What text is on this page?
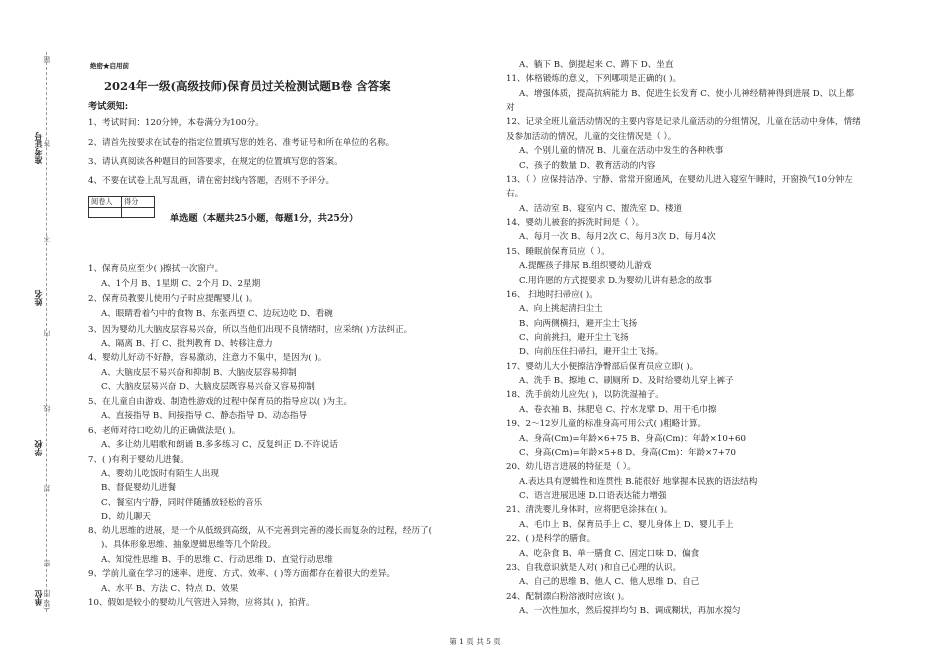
准考证号
姓名
学校
单位
题
答
不
内
线
封
密
图
(装
绝密★启用前
2024年一级(高级技师)保育员过关检测试题B卷 含答案
考试须知:
1、考试时间：120分钟，本卷满分为100分。
2、请首先按要求在试卷的指定位置填写您的姓名、准考证号和所在单位的名称。
3、请认真阅读各种题目的回答要求，在规定的位置填写您的答案。
4、不要在试卷上乱写乱画，请在密封线内答题，否则不予评分。
阅卷人	得分

单选题（本题共25小题，每题1分，共25分）
1、保育员应至少( )擦拭一次窗户。
A、1个月 B、1星期 C、2个月 D、2星期
2、保育员教要儿使用勺子时应提醒婴儿( )。
A、眼睛看着勺中的食物 B、东张西望 C、边玩边吃 D、看碗
3、因为婴幼儿大脑皮层容易兴奋，所以当他们出现不良情绪时，应采纳( )方法纠正。
A、隔离 B、打 C、批判教育 D、转移注意力
4、婴幼儿好动不好静，容易激动，注意力不集中，是因为( )。
A、大脑皮层不易兴奋和抑制 B、大脑皮层容易抑制
C、大脑皮层易兴奋 D、大脑皮层既容易兴奋又容易抑制
5、在儿童自由游戏、制造性游戏的过程中保育员的指导应以( )为主。
A、直接指导 B、间接指导 C、静态指导 D、动态指导
6、老师对待口吃幼儿的正确做法是( )。
A、多让幼儿唱歌和朗诵 B.多多练习 C、反复纠正 D.不许说话
7、( )有利于婴幼儿进餐。
A、婴幼儿吃饭时有陌生人出现
B、督促婴幼儿进餐
C、餐室内宁静，同时伴随播放轻松的音乐
D、幼儿聊天
8、幼儿思维的进展，是一个从低级到高级，从不完善到完善的漫长而复杂的过程，经历了(
)、具体形象思维、抽象逻辑思维等几个阶段。
A、知觉性思维 B、手的思维 C、行动思维 D、直觉行动思维
9、学前儿童在学习的速率、进度、方式、效率、( )等方面都存在着很大的差异。
A、水平 B、方法 C、特点 D、效果
10、假如是较小的婴幼儿气管进入异物，应将其( )，拍背。
A、躺下 B、倒提起来 C、蹲下 D、坐直
11、体格锻炼的意义，下列哪项是正确的( )。
A、增强体质，提高抗病能力 B、促进生长发育 C、使小儿神经精神得到进展 D、以上都
对
12、记录全班儿童活动情况的主要内容是记录儿童活动的分组情况，儿童在活动中身体，情绪
及参加活动的情况，儿童的交往情况是（ ）。
A、个别儿童的情况 B、儿童在活动中发生的各种秩事
C、孩子的数量 D、教育活动的内容
13、（ ）应保持洁净、宁静、常常开窗通风，在婴幼儿进入寝室午睡时，开窗换气10分钟左
右。
A、活动室 B、寝室内 C、盥洗室 D、楼道
14、婴幼儿被套的拆洗时间是（ ）。
A、每月一次 B、每月2次 C、每月3次 D、每月4次
15、睡眠前保育员应（ ）。
A.提醒孩子排尿 B.组织婴幼儿游戏
C.用许愿的方式提要求 D.为婴幼儿讲有悬念的故事
16、 扫地时扫帚应( )。
A、向上挑起清扫尘土
B、向两侧横扫，避开尘土飞扬
C、向前挑扫，避开尘土飞扬
D、向前压住扫帚扫，避开尘土飞扬。
17、婴幼儿大小便擦洁净臀部后保育员应立即( )。
A、洗手 B、擦地 C、刷厕所 D、及时给婴幼儿穿上裤子
18、洗手前幼儿应先( )，以防洗湿袖子。
A、卷衣袖 B、抹肥皂 C、拧水龙擘 D、用干毛巾擦
19、2～12岁儿童的标准身高可用公式( )粗略计算。
A、身高(Cm)=年龄×6+75 B、身高(Cm)：年龄×10+60
C、身高(Cm)=年龄×5+8 D、身高(Cm)：年龄×7+70
20、幼儿语言进展的特征是（ ）。
A.表达具有逻辑性和连贯性 B.能很好 地掌握本民族的语法结构
C、语言进展迅速 D.口语表达能力增强
21、清洗婴儿身体时，应将肥皂涂抹在( )。
A、毛巾上 B、保育员手上 C、婴儿身体上 D、婴儿手上
22、( )是科学的膳食。
A、吃杂食 B、单一膳食 C、固定口味 D、偏食
23、自我意识就是人对( )和自己心理的认识。
A、自己的思维 B、他人 C、他人思维 D、自己
24、配制漂白粉溶液时应该( )。
A、一次性加水，然后搅拌均匀 B、调成糊状，再加水搅匀
第 1 页 共 5 页
